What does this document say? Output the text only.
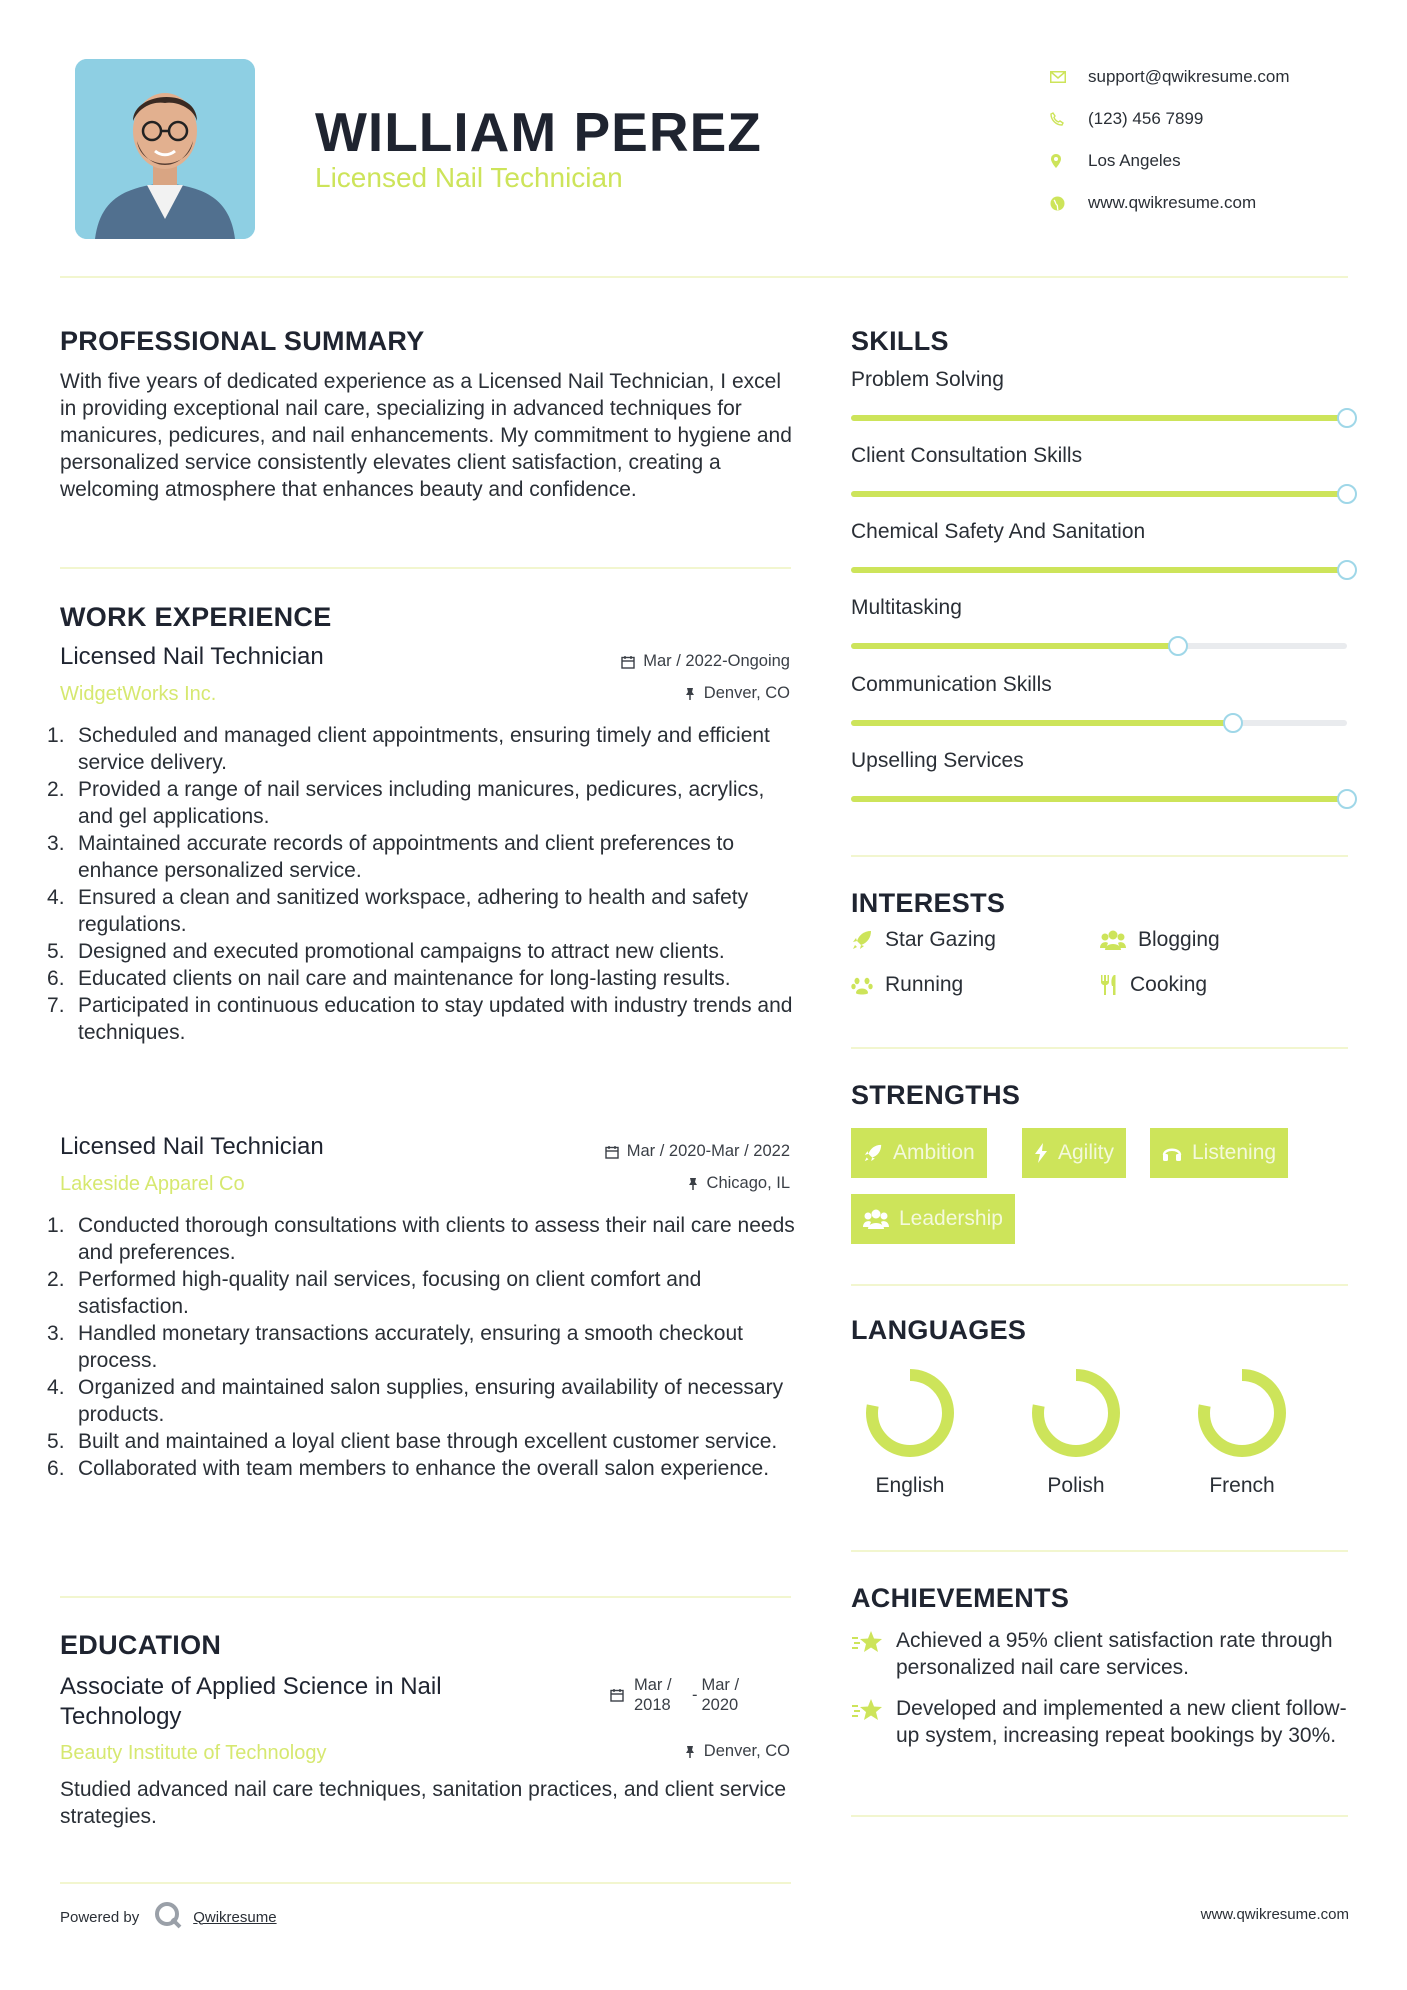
WILLIAM PEREZ
Licensed Nail Technician
support@qwikresume.com
(123) 456 7899
Los Angeles
www.qwikresume.com
PROFESSIONAL SUMMARY
With five years of dedicated experience as a Licensed Nail Technician, I excel in providing exceptional nail care, specializing in advanced techniques for manicures, pedicures, and nail enhancements. My commitment to hygiene and personalized service consistently elevates client satisfaction, creating a welcoming atmosphere that enhances beauty and confidence.
WORK EXPERIENCE
Licensed Nail Technician	Mar / 2022-Ongoing
WidgetWorks Inc.	Denver, CO
Scheduled and managed client appointments, ensuring timely and efficient service delivery.
Provided a range of nail services including manicures, pedicures, acrylics, and gel applications.
Maintained accurate records of appointments and client preferences to enhance personalized service.
Ensured a clean and sanitized workspace, adhering to health and safety regulations.
Designed and executed promotional campaigns to attract new clients.
Educated clients on nail care and maintenance for long-lasting results.
Participated in continuous education to stay updated with industry trends and techniques.
Licensed Nail Technician	Mar / 2020-Mar / 2022
Lakeside Apparel Co	Chicago, IL
Conducted thorough consultations with clients to assess their nail care needs and preferences.
Performed high-quality nail services, focusing on client comfort and satisfaction.
Handled monetary transactions accurately, ensuring a smooth checkout process.
Organized and maintained salon supplies, ensuring availability of necessary products.
Built and maintained a loyal client base through excellent customer service.
Collaborated with team members to enhance the overall salon experience.
EDUCATION
Associate of Applied Science in Nail Technology
Mar / 2018
-
Mar / 2020
Beauty Institute of Technology	Denver, CO
Studied advanced nail care techniques, sanitation practices, and client service strategies.
SKILLS
Problem Solving
Client Consultation Skills
Chemical Safety And Sanitation
Multitasking
Communication Skills
Upselling Services
INTERESTS
Star Gazing	Blogging
Running	Cooking
STRENGTHS
Ambition	Agility	Listening
Leadership
LANGUAGES
English	Polish	French
ACHIEVEMENTS
Achieved a 95% client satisfaction rate through personalized nail care services.
Developed and implemented a new client follow-up system, increasing repeat bookings by 30%.
Powered by	Qwikresume	www.qwikresume.com
